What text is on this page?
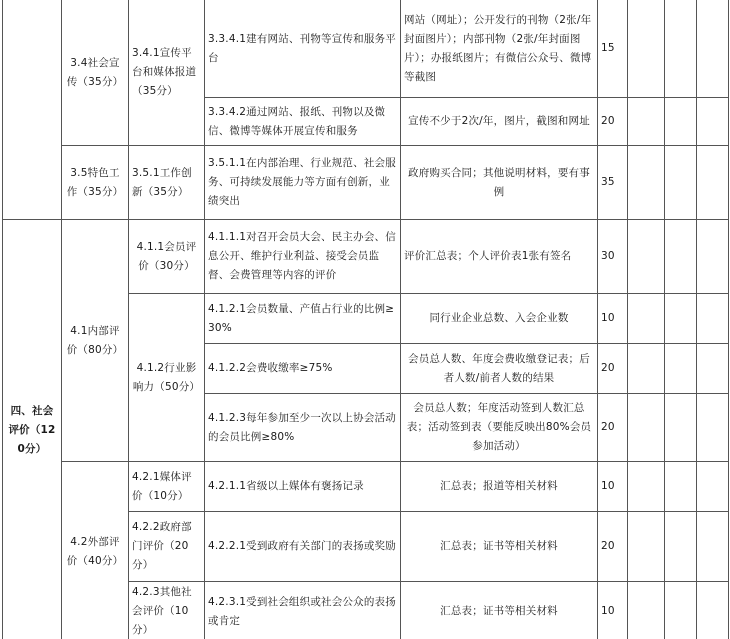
	3.4社会宣传（35分）	3.4.1宣传平台和媒体报道（35分）	3.3.4.1建有网站、刊物等宣传和服务平台	网站（网址）；公开发行的刊物（2张/年封面图片）；内部刊物（2张/年封面图片）；办报纸图片；有微信公众号、微博等截图	15			
			3.3.4.2通过网站、报纸、刊物以及微信、微博等媒体开展宣传和服务	宣传不少于2次/年，图片，截图和网址	20			
	3.5特色工作（35分）	3.5.1工作创新（35分）	3.5.1.1在内部治理、行业规范、社会服务、可持续发展能力等方面有创新，业绩突出	政府购买合同；其他说明材料，要有事例	35			
四、社会评价（120分）	4.1内部评价（80分）	4.1.1会员评价（30分）	4.1.1.1对召开会员大会、民主办会、信息公开、维护行业利益、接受会员监督、会费管理等内容的评价	评价汇总表；个人评价表1张有签名	30			
		4.1.2行业影响力（50分）	4.1.2.1会员数量、产值占行业的比例≥30%	同行业企业总数、入会企业数	10			
			4.1.2.2会费收缴率≥75%	会员总人数、年度会费收缴登记表；后者人数/前者人数的结果	20			
			4.1.2.3每年参加至少一次以上协会活动的会员比例≥80%	会员总人数；年度活动签到人数汇总表；活动签到表（要能反映出80%会员参加活动）	20			
	4.2外部评价（40分）	4.2.1媒体评价（10分）	4.2.1.1省级以上媒体有褒扬记录	汇总表；报道等相关材料	10			
		4.2.2政府部门评价（20分）	4.2.2.1受到政府有关部门的表扬或奖励	汇总表；证书等相关材料	20			
		4.2.3其他社会评价（10分）	4.2.3.1受到社会组织或社会公众的表扬或肯定	汇总表；证书等相关材料	10			
